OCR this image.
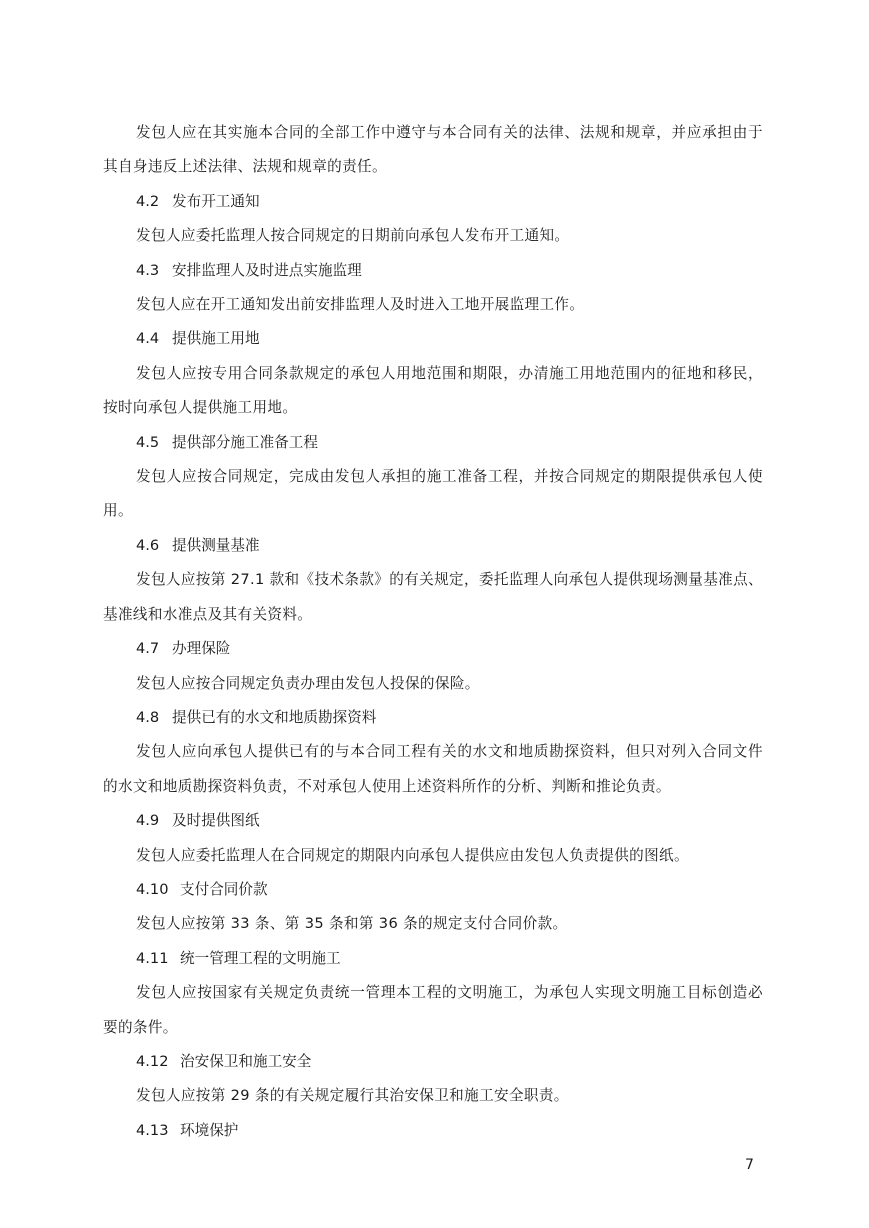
发包人应在其实施本合同的全部工作中遵守与本合同有关的法律、法规和规章，并应承担由于其自身违反上述法律、法规和规章的责任。

4.2 发布开工通知

发包人应委托监理人按合同规定的日期前向承包人发布开工通知。

4.3 安排监理人及时进点实施监理

发包人应在开工通知发出前安排监理人及时进入工地开展监理工作。

4.4 提供施工用地

发包人应按专用合同条款规定的承包人用地范围和期限，办清施工用地范围内的征地和移民，按时向承包人提供施工用地。

4.5 提供部分施工准备工程

发包人应按合同规定，完成由发包人承担的施工准备工程，并按合同规定的期限提供承包人使用。

4.6 提供测量基准

发包人应按第 27.1 款和《技术条款》的有关规定，委托监理人向承包人提供现场测量基准点、基准线和水准点及其有关资料。

4.7 办理保险

发包人应按合同规定负责办理由发包人投保的保险。

4.8 提供已有的水文和地质勘探资料

发包人应向承包人提供已有的与本合同工程有关的水文和地质勘探资料，但只对列入合同文件的水文和地质勘探资料负责，不对承包人使用上述资料所作的分析、判断和推论负责。

4.9 及时提供图纸

发包人应委托监理人在合同规定的期限内向承包人提供应由发包人负责提供的图纸。

4.10 支付合同价款

发包人应按第 33 条、第 35 条和第 36 条的规定支付合同价款。

4.11 统一管理工程的文明施工

发包人应按国家有关规定负责统一管理本工程的文明施工，为承包人实现文明施工目标创造必要的条件。

4.12 治安保卫和施工安全

发包人应按第 29 条的有关规定履行其治安保卫和施工安全职责。

4.13 环境保护

7
